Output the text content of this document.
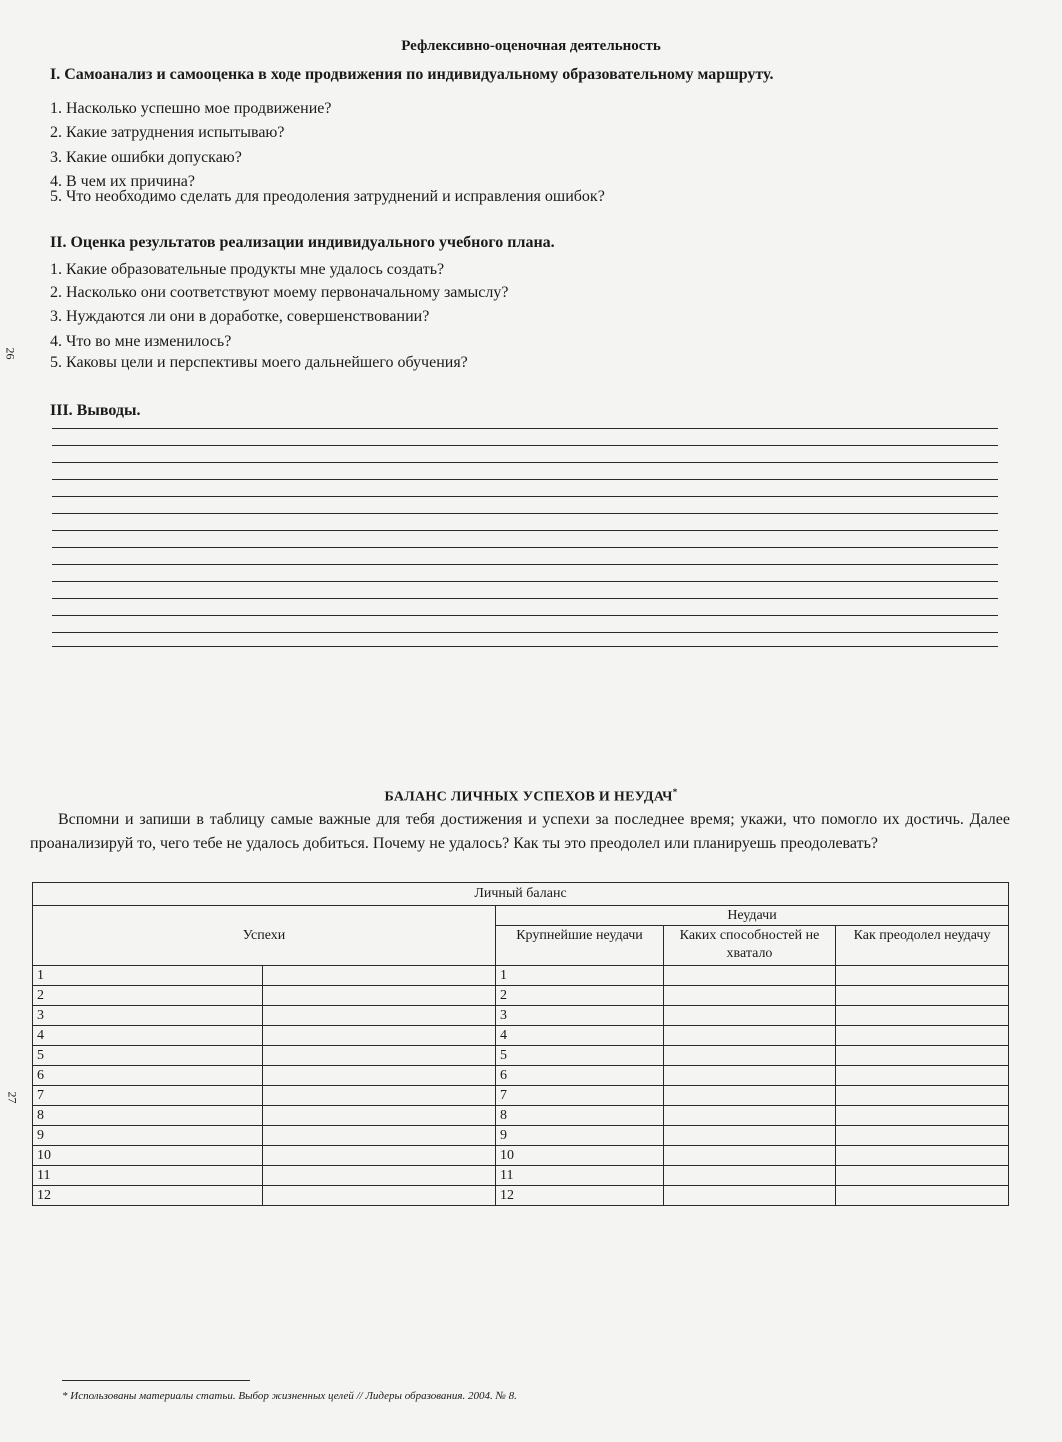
26
27
Рефлексивно-оценочная деятельность
I. Самоанализ и самооценка в ходе продвижения по индивидуальному образовательному маршруту.
1. Насколько успешно мое продвижение?
2. Какие затруднения испытываю?
3. Какие ошибки допускаю?
4. В чем их причина?
5. Что необходимо сделать для преодоления затруднений и исправления ошибок?
II. Оценка результатов реализации индивидуального учебного плана.
1. Какие образовательные продукты мне удалось создать?
2. Насколько они соответствуют моему первоначальному замыслу?
3. Нуждаются ли они в доработке, совершенствовании?
4. Что во мне изменилось?
5. Каковы цели и перспективы моего дальнейшего обучения?
III. Выводы.
БАЛАНС ЛИЧНЫХ УСПЕХОВ И НЕУДАЧ*
Вспомни и запиши в таблицу самые важные для тебя достижения и успехи за последнее время; укажи, что помогло их достичь. Далее проанализируй то, чего тебе не удалось добиться. Почему не удалось? Как ты это преодолел или планируешь преодолевать?
Личный баланс				
Успехи		Неудачи		
		Крупнейшие неудачи	Каких способностей не хватало	Как преодолел неудачу
1		1		
2		2		
3		3		
4		4		
5		5		
6		6		
7		7		
8		8		
9		9		
10		10		
11		11		
12		12		
* Использованы материалы статьи. Выбор жизненных целей // Лидеры образования. 2004. № 8.
